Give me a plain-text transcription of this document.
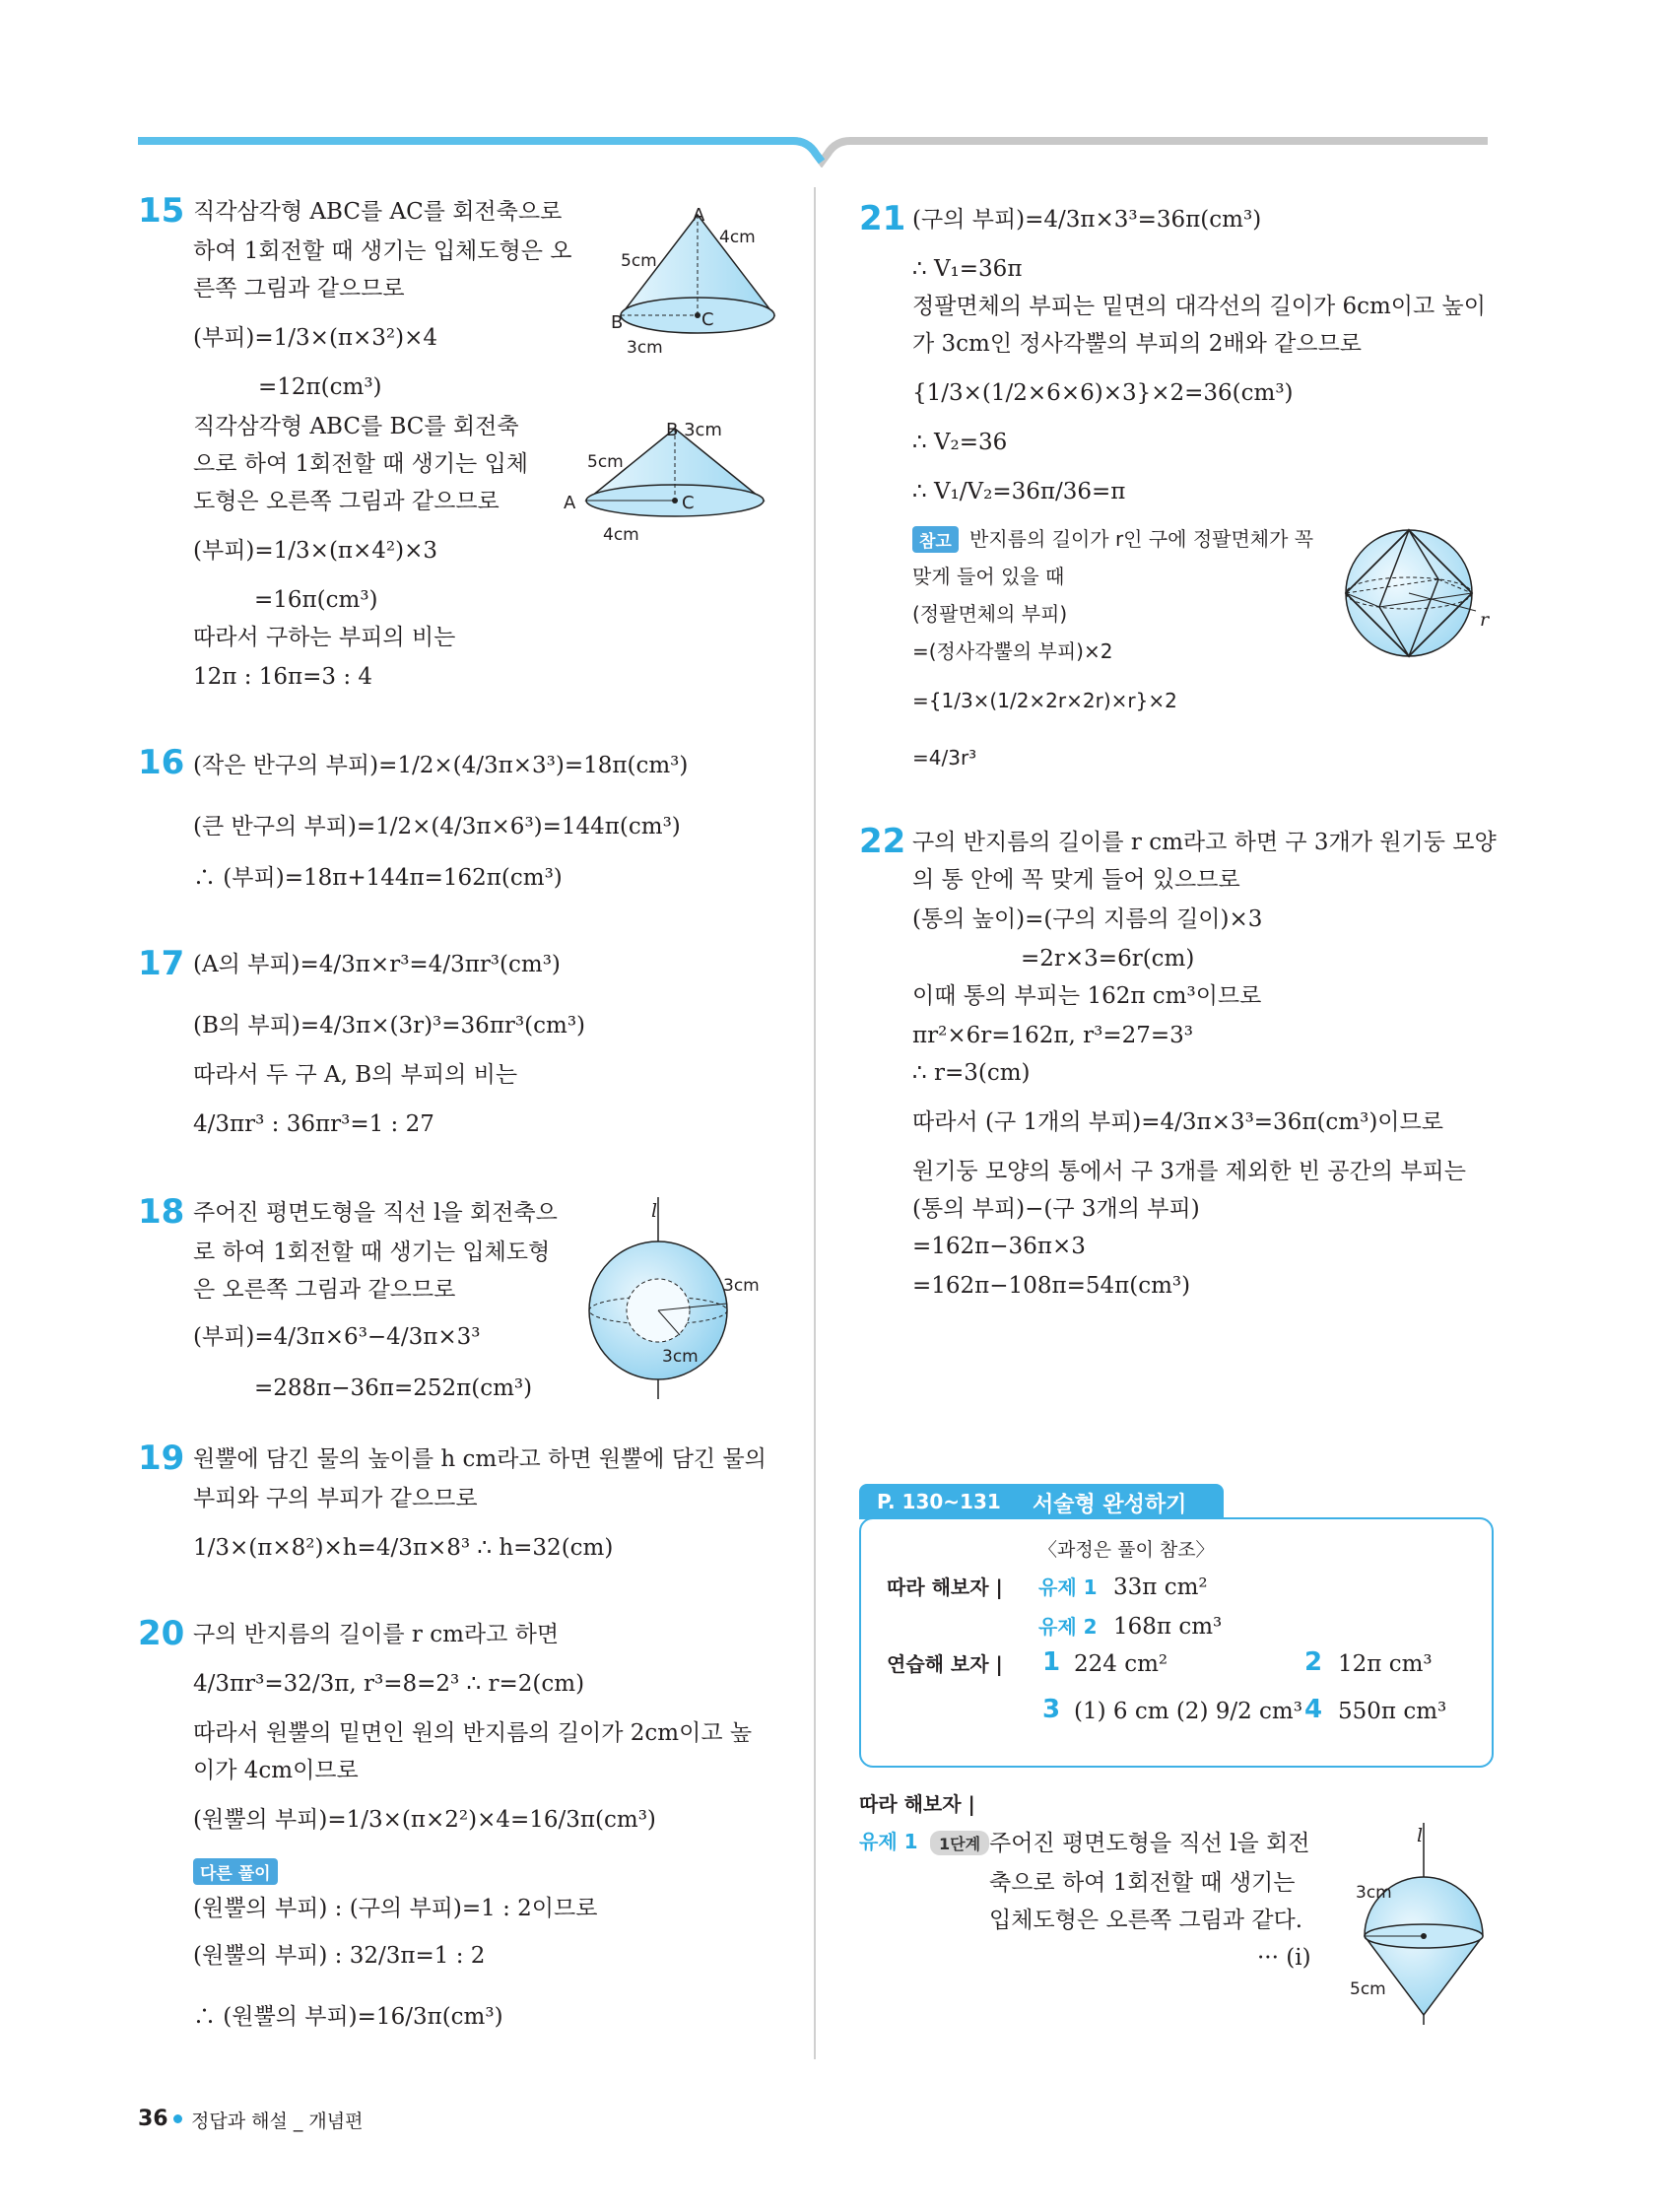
15 직각삼각형 ABC를 AC를 회전축으로
하여 1회전할 때 생기는 입체도형은 오
른쪽 그림과 같으므로
(부피)=1/3×(π×3²)×4
=12π(cm³)
직각삼각형 ABC를 BC를 회전축
으로 하여 1회전할 때 생기는 입체
도형은 오른쪽 그림과 같으므로
(부피)=1/3×(π×4²)×3
=16π(cm³)
따라서 구하는 부피의 비는
12π : 16π=3 : 4
A
B	C
4cm
5cm
3cm
B 3cm
A	C
5cm
4cm
16 (작은 반구의 부피)=1/2×(4/3π×3³)=18π(cm³)
(큰 반구의 부피)=1/2×(4/3π×6³)=144π(cm³)
∴ (부피)=18π+144π=162π(cm³)
17 (A의 부피)=4/3π×r³=4/3πr³(cm³)
(B의 부피)=4/3π×(3r)³=36πr³(cm³)
따라서 두 구 A, B의 부피의 비는
4/3πr³ : 36πr³=1 : 27
18 주어진 평면도형을 직선 l을 회전축으
로 하여 1회전할 때 생기는 입체도형
은 오른쪽 그림과 같으므로
(부피)=4/3π×6³−4/3π×3³
=288π−36π=252π(cm³)
l
3cm
3cm
19 원뿔에 담긴 물의 높이를 h cm라고 하면 원뿔에 담긴 물의
부피와 구의 부피가 같으므로
1/3×(π×8²)×h=4/3π×8³ ∴ h=32(cm)
20 구의 반지름의 길이를 r cm라고 하면
4/3πr³=32/3π, r³=8=2³ ∴ r=2(cm)
따라서 원뿔의 밑면인 원의 반지름의 길이가 2cm이고 높
이가 4cm이므로
(원뿔의 부피)=1/3×(π×2²)×4=16/3π(cm³)
다른 풀이
(원뿔의 부피) : (구의 부피)=1 : 2이므로
(원뿔의 부피) : 32/3π=1 : 2
∴ (원뿔의 부피)=16/3π(cm³)
21 (구의 부피)=4/3π×3³=36π(cm³)
∴ V₁=36π
정팔면체의 부피는 밑면의 대각선의 길이가 6cm이고 높이
가 3cm인 정사각뿔의 부피의 2배와 같으므로
{1/3×(1/2×6×6)×3}×2=36(cm³)
∴ V₂=36
∴ V₁/V₂=36π/36=π
참고 반지름의 길이가 r인 구에 정팔면체가 꼭
맞게 들어 있을 때
(정팔면체의 부피)
=(정사각뿔의 부피)×2
={1/3×(1/2×2r×2r)×r}×2
=4/3r³
r
22 구의 반지름의 길이를 r cm라고 하면 구 3개가 원기둥 모양
의 통 안에 꼭 맞게 들어 있으므로
(통의 높이)=(구의 지름의 길이)×3
=2r×3=6r(cm)
이때 통의 부피는 162π cm³이므로
πr²×6r=162π, r³=27=3³
∴ r=3(cm)
따라서 (구 1개의 부피)=4/3π×3³=36π(cm³)이므로
원기둥 모양의 통에서 구 3개를 제외한 빈 공간의 부피는
(통의 부피)−(구 3개의 부피)
=162π−36π×3
=162π−108π=54π(cm³)
P. 130~131 서술형 완성하기
〈과정은 풀이 참조〉
따라 해보자 | 유제 1 33π cm²
유제 2 168π cm³
연습해 보자 | 1 224 cm²	2 12π cm³
3 (1) 6 cm (2) 9/2 cm³ 4 550π cm³
따라 해보자 |
유제 1	1단계 주어진 평면도형을 직선 l을 회전
축으로 하여 1회전할 때 생기는
입체도형은 오른쪽 그림과 같다.
··· (i)
l
3cm
5cm
36 정답과 해설 _ 개념편
